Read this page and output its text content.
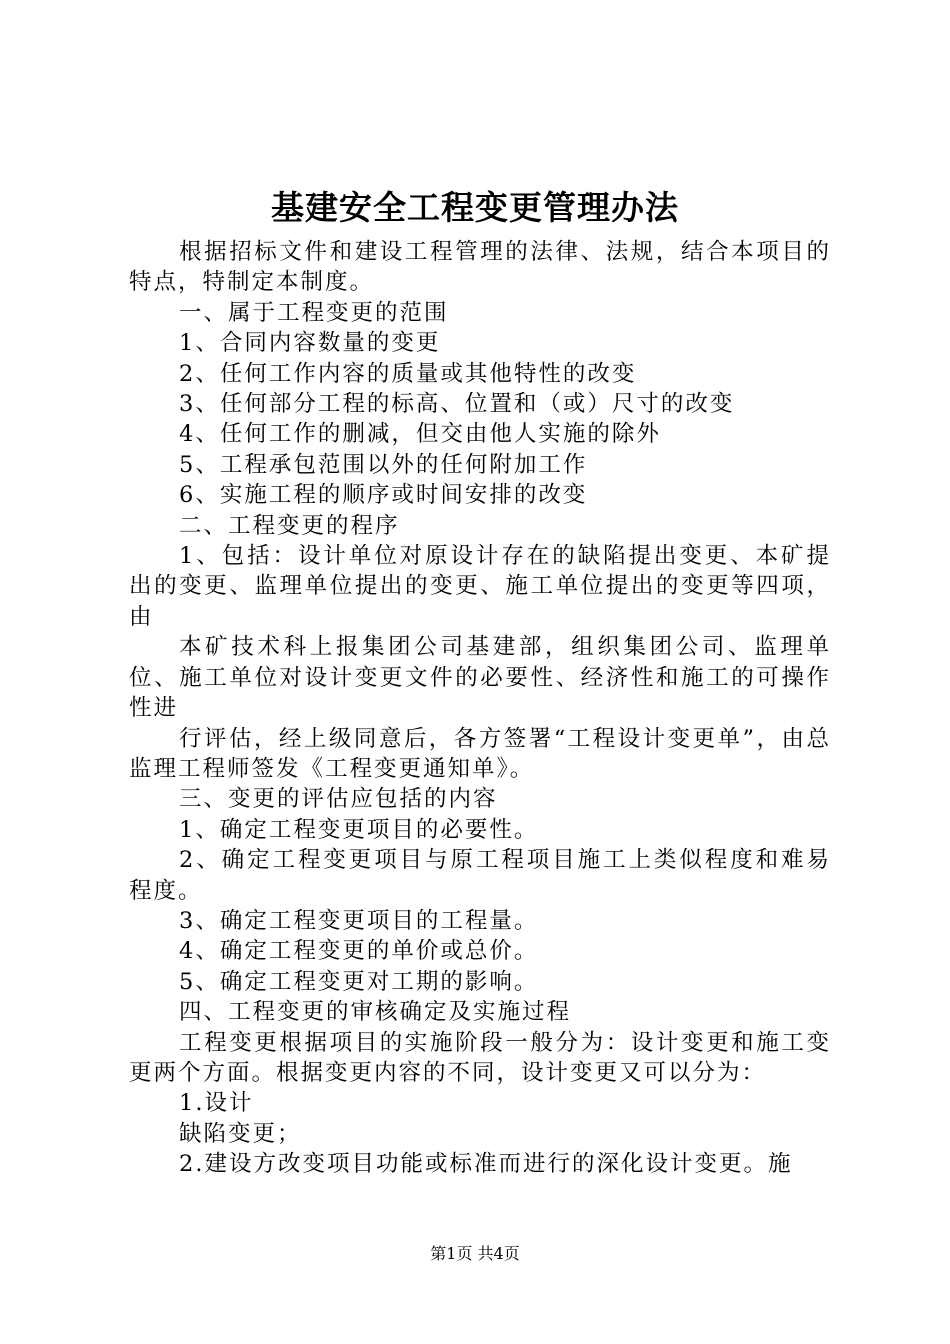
基建安全工程变更管理办法

根据招标文件和建设工程管理的法律、法规，结合本项目的特点，特制定本制度。

一、属于工程变更的范围

1、合同内容数量的变更

2、任何工作内容的质量或其他特性的改变

3、任何部分工程的标高、位置和（或）尺寸的改变

4、任何工作的删减，但交由他人实施的除外

5、工程承包范围以外的任何附加工作

6、实施工程的顺序或时间安排的改变

二、工程变更的程序

1、包括：设计单位对原设计存在的缺陷提出变更、本矿提出的变更、监理单位提出的变更、施工单位提出的变更等四项，由

本矿技术科上报集团公司基建部，组织集团公司、监理单位、施工单位对设计变更文件的必要性、经济性和施工的可操作性进

行评估，经上级同意后，各方签署“工程设计变更单”，由总监理工程师签发《工程变更通知单》。

三、变更的评估应包括的内容

1、确定工程变更项目的必要性。

2、确定工程变更项目与原工程项目施工上类似程度和难易程度。

3、确定工程变更项目的工程量。

4、确定工程变更的单价或总价。

5、确定工程变更对工期的影响。

四、工程变更的审核确定及实施过程

工程变更根据项目的实施阶段一般分为：设计变更和施工变更两个方面。根据变更内容的不同，设计变更又可以分为：

1.设计

缺陷变更；

2.建设方改变项目功能或标准而进行的深化设计变更。施

第1页 共4页
